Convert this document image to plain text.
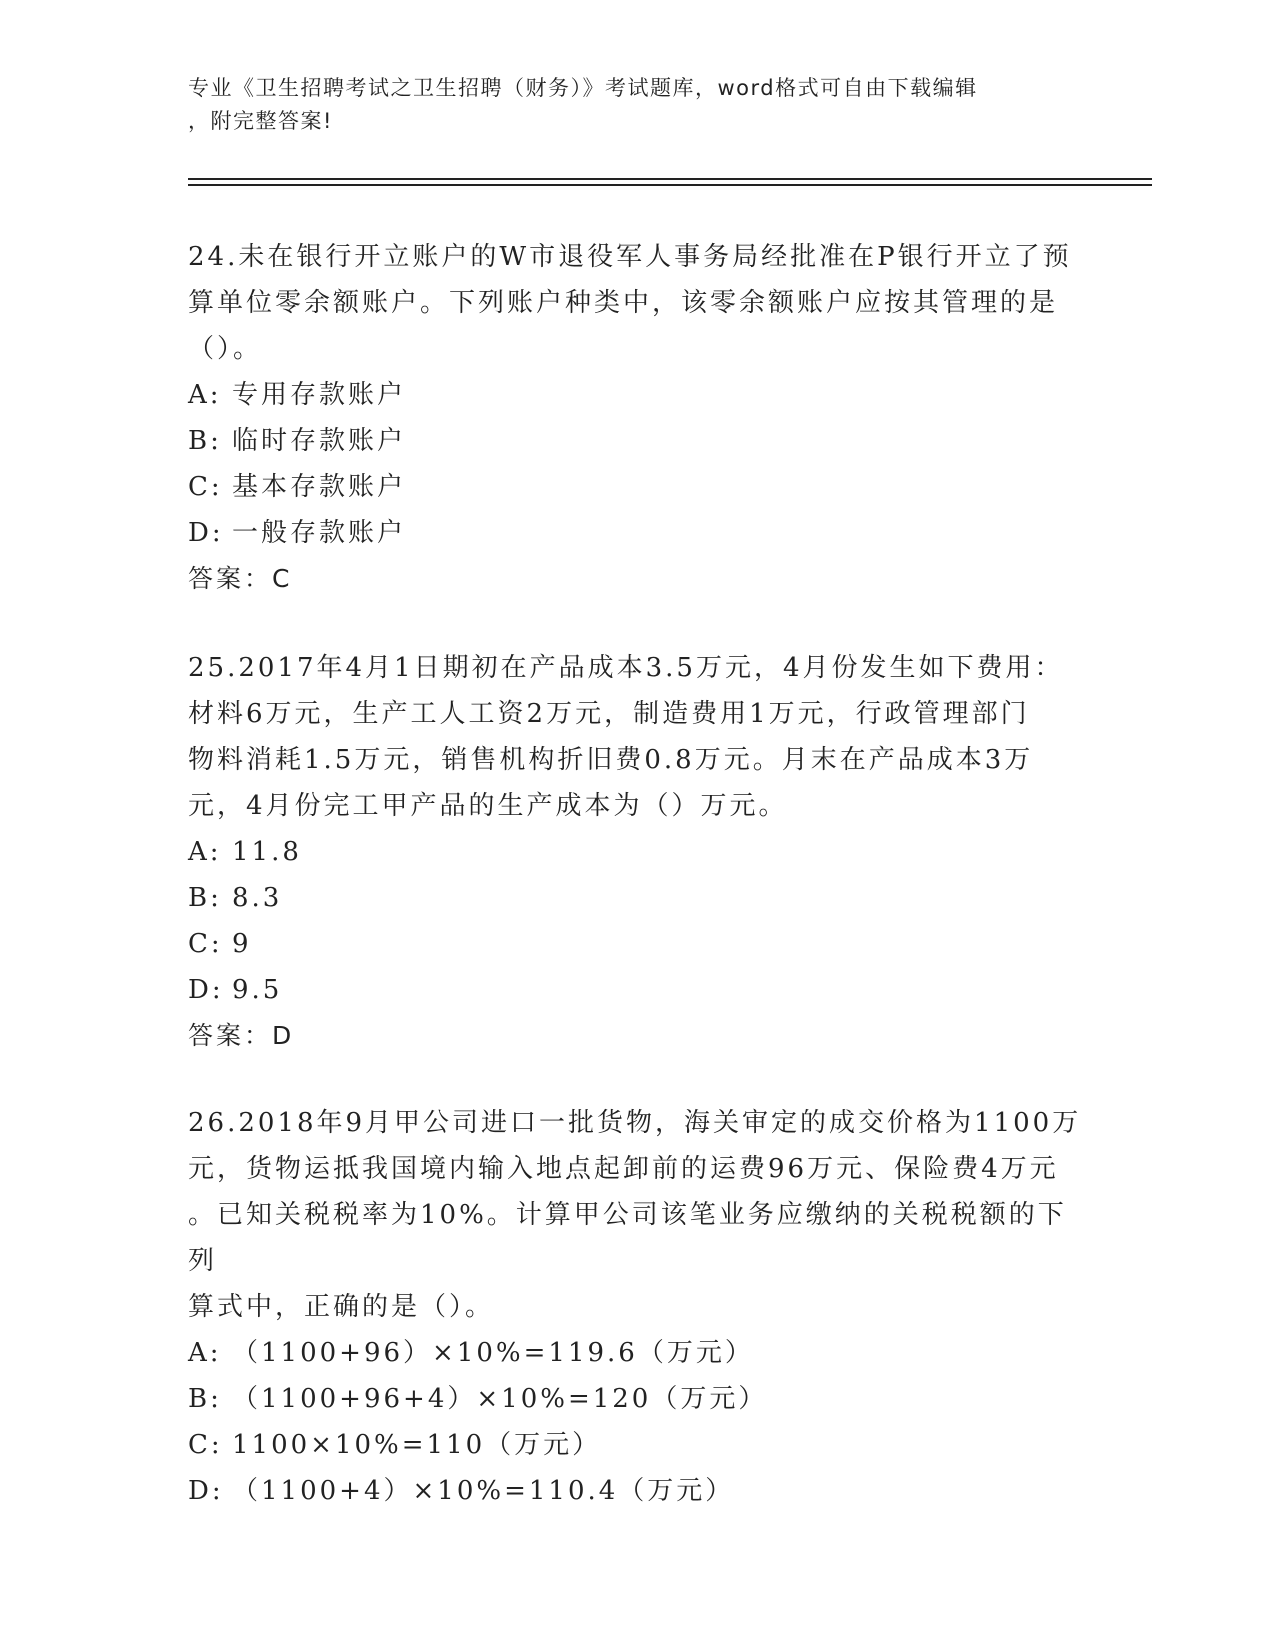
专业《卫生招聘考试之卫生招聘（财务）》考试题库，word格式可自由下载编辑
，附完整答案!

24.未在银行开立账户的W市退役军人事务局经批准在P银行开立了预

算单位零余额账户。下列账户种类中，该零余额账户应按其管理的是

（）。

A: 专用存款账户

B: 临时存款账户

C: 基本存款账户

D: 一般存款账户

答案：C

25.2017年4月1日期初在产品成本3.5万元，4月份发生如下费用：

材料6万元，生产工人工资2万元，制造费用1万元，行政管理部门

物料消耗1.5万元，销售机构折旧费0.8万元。月末在产品成本3万

元，4月份完工甲产品的生产成本为（）万元。

A: 11.8

B: 8.3

C: 9

D: 9.5

答案：D

26.2018年9月甲公司进口一批货物，海关审定的成交价格为1100万

元，货物运抵我国境内输入地点起卸前的运费96万元、保险费4万元

。已知关税税率为10%。计算甲公司该笔业务应缴纳的关税税额的下列

算式中，正确的是（）。

A: （1100+96）×10%=119.6（万元）

B: （1100+96+4）×10%=120（万元）

C: 1100×10%=110（万元）

D: （1100+4）×10%=110.4（万元）
